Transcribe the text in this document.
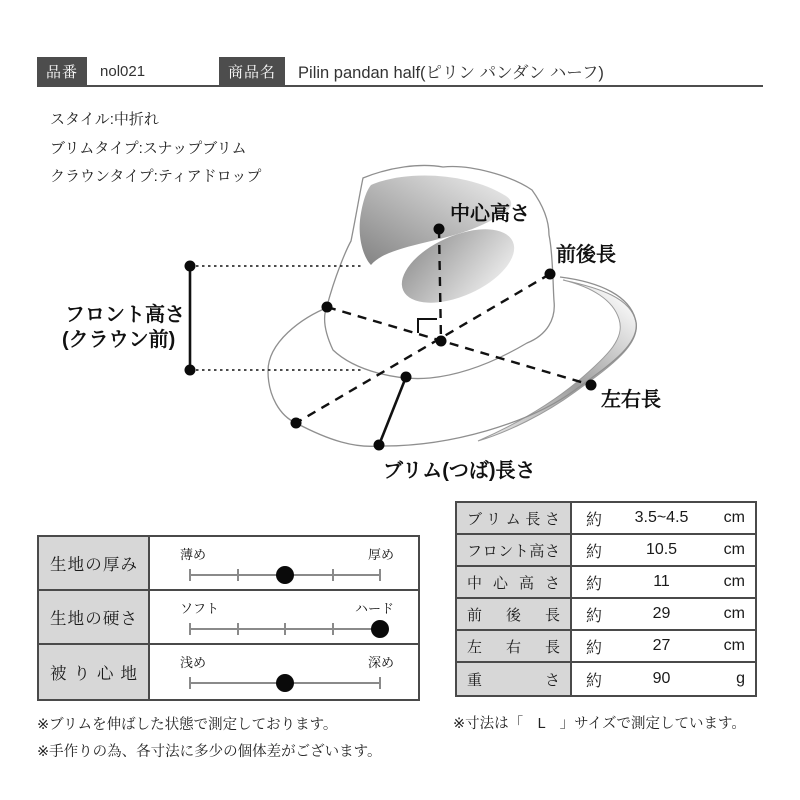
品番	nol021	商品名	Pilin pandan half(ピリン パンダン ハーフ)
スタイル:中折れ
ブリムタイプ:スナップブリム
クラウンタイプ:ティアドロップ
中心高さ
前後長
左右長
ブリム(つば)長さ
フロント高さ
(クラウン前)
生地の厚み
薄め	厚め
生地の硬さ
ソフト	ハード
被り心地
浅め	深め
ブリム長さ	約	3.5~4.5	cm
フロント高さ	約	10.5	cm
中心高さ	約	11	cm
前後長	約	29	cm
左右長	約	27	cm
重さ	約	90	g
※ブリムを伸ばした状態で測定しております。
※手作りの為、各寸法に多少の個体差がございます。
※寸法は「　L　」サイズで測定しています。
